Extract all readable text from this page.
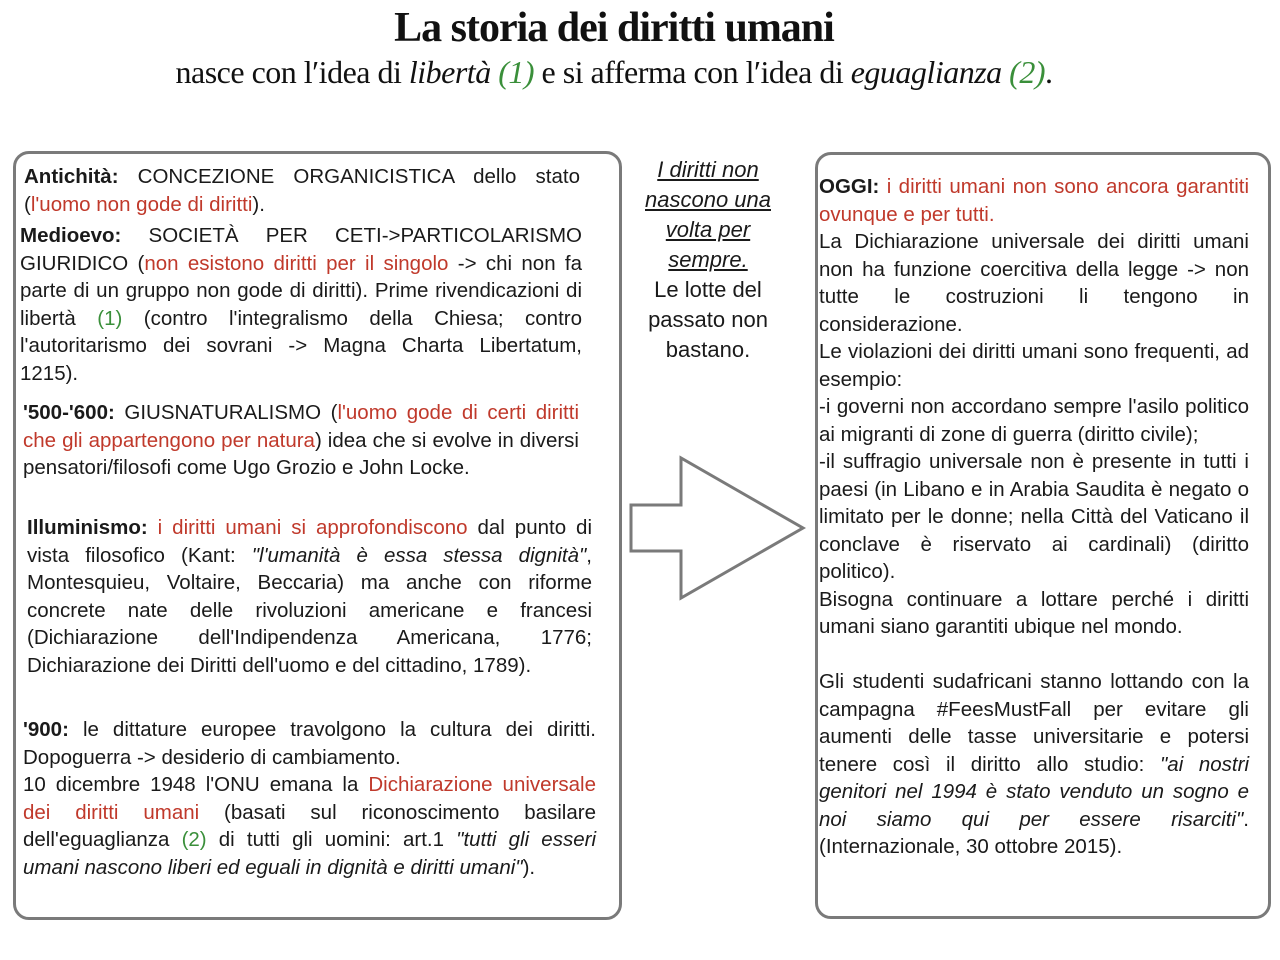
La storia dei diritti umani
nasce con l′idea di libertà (1) e si afferma con l′idea di eguaglianza (2).
Antichità: CONCEZIONE ORGANICISTICA dello stato (l'uomo non gode di diritti).
Medioevo: SOCIETÀ PER CETI->PARTICOLARISMO GIURIDICO (non esistono diritti per il singolo -> chi non fa parte di un gruppo non gode di diritti). Prime rivendicazioni di libertà (1) (contro l'integralismo della Chiesa; contro l'autoritarismo dei sovrani -> Magna Charta Libertatum, 1215).
'500-'600: GIUSNATURALISMO (l'uomo gode di certi diritti che gli appartengono per natura) idea che si evolve in diversi pensatori/filosofi come Ugo Grozio e John Locke.
Illuminismo: i diritti umani si approfondiscono dal punto di vista filosofico (Kant: "l'umanità è essa stessa dignità", Montesquieu, Voltaire, Beccaria) ma anche con riforme concrete nate delle rivoluzioni americane e francesi (Dichiarazione dell'Indipendenza Americana, 1776; Dichiarazione dei Diritti dell'uomo e del cittadino, 1789).
'900: le dittature europee travolgono la cultura dei diritti. Dopoguerra -> desiderio di cambiamento.
10 dicembre 1948 l'ONU emana la Dichiarazione universale dei diritti umani (basati sul riconoscimento basilare dell'eguaglianza (2) di tutti gli uomini: art.1 "tutti gli esseri umani nascono liberi ed eguali in dignità e diritti umani").
I diritti non nascono una volta per sempre.
Le lotte del passato non bastano.
OGGI: i diritti umani non sono ancora garantiti ovunque e per tutti.
La Dichiarazione universale dei diritti umani non ha funzione coercitiva della legge -> non tutte le costruzioni li tengono in considerazione.
Le violazioni dei diritti umani sono frequenti, ad esempio:
-i governi non accordano sempre l'asilo politico ai migranti di zone di guerra (diritto civile);
-il suffragio universale non è presente in tutti i paesi (in Libano e in Arabia Saudita è negato o limitato per le donne; nella Città del Vaticano il conclave è riservato ai cardinali) (diritto politico).
Bisogna continuare a lottare perché i diritti umani siano garantiti ubique nel mondo.

Gli studenti sudafricani stanno lottando con la campagna #FeesMustFall per evitare gli aumenti delle tasse universitarie e potersi tenere così il diritto allo studio: "ai nostri genitori nel 1994 è stato venduto un sogno e noi siamo qui per essere risarciti". (Internazionale, 30 ottobre 2015).
